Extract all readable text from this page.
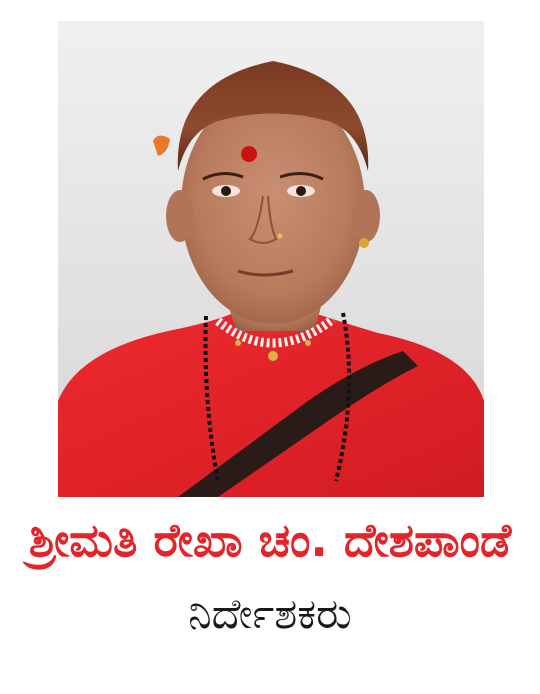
ಶ್ರೀಮತಿ ರೇಖಾ ಚಂ. ದೇಶಪಾಂಡೆ
ನಿರ್ದೇಶಕರು
